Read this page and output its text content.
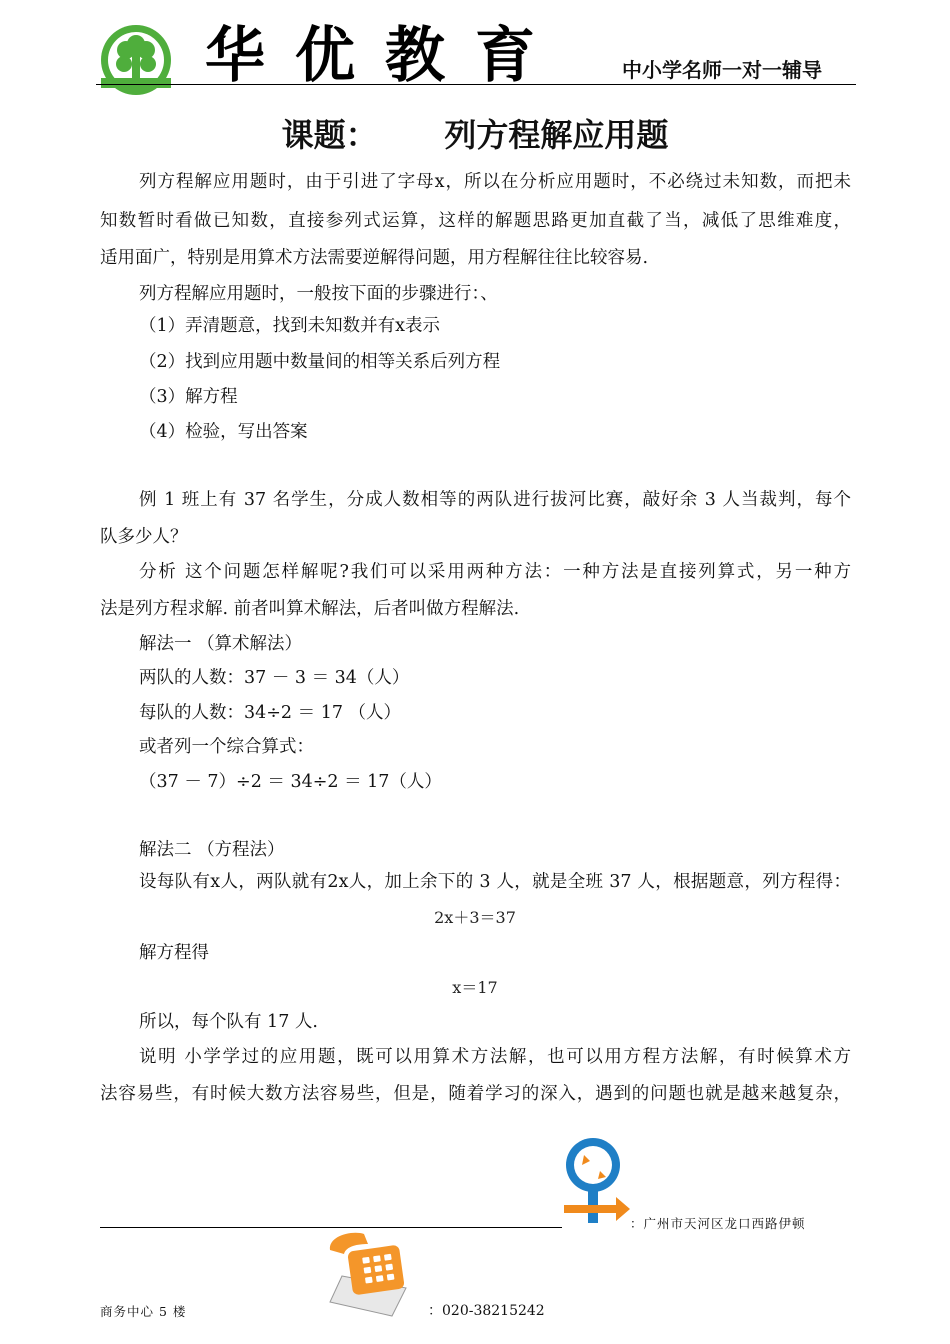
华优教育	中小学名师一对一辅导
课题：      列方程解应用题
列方程解应用题时，由于引进了字母x，所以在分析应用题时，不必绕过未知数，而把未
知数暂时看做已知数，直接参列式运算，这样的解题思路更加直截了当，减低了思维难度，
适用面广，特别是用算术方法需要逆解得问题，用方程解往往比较容易.
列方程解应用题时，一般按下面的步骤进行：、
（1）弄清题意，找到未知数并有x表示
（2）找到应用题中数量间的相等关系后列方程
（3）解方程
（4）检验，写出答案
例 1 班上有 37 名学生，分成人数相等的两队进行拔河比赛，敲好余 3 人当裁判，每个
队多少人？
分析 这个问题怎样解呢?我们可以采用两种方法：一种方法是直接列算式，另一种方
法是列方程求解. 前者叫算术解法，后者叫做方程解法.
解法一 （算术解法）
两队的人数：37 － 3 ＝ 34（人）
每队的人数：34÷2 ＝ 17 （人）
或者列一个综合算式：
（37 － 7）÷2 ＝ 34÷2 ＝ 17（人）
解法二 （方程法）
设每队有x人，两队就有2x人，加上余下的 3 人，就是全班 37 人，根据题意，列方程得：
2x＋3＝37
解方程得
x＝17
所以，每个队有 17 人.
说明 小学学过的应用题，既可以用算术方法解，也可以用方程方法解，有时候算术方
法容易些，有时候大数方法容易些，但是，随着学习的深入，遇到的问题也就是越来越复杂，
：广州市天河区龙口西路伊顿
商务中心 5 楼	：020-38215242
